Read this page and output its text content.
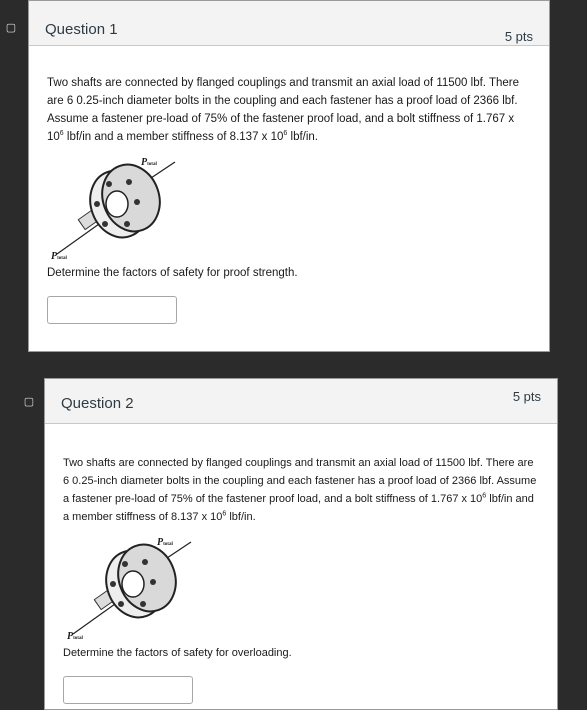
▢
▢
Question 1	5 pts

Two shafts are connected by flanged couplings and transmit an axial load of 11500 lbf. There are 6 0.25-inch diameter bolts in the coupling and each fastener has a proof load of 2366 lbf. Assume a fastener pre-load of 75% of the fastener proof load, and a bolt stiffness of 1.767 x $10^6$ lbf/in and a member stiffness of 8.137 x $10^6$ lbf/in.

Ptotal
Ptotal
Determine the factors of safety for proof strength.
Question 2	5 pts

Two shafts are connected by flanged couplings and transmit an axial load of 11500 lbf. There are 6 0.25-inch diameter bolts in the coupling and each fastener has a proof load of 2366 lbf. Assume a fastener pre-load of 75% of the fastener proof load, and a bolt stiffness of 1.767 x $10^6$ lbf/in and a member stiffness of 8.137 x $10^6$ lbf/in.

Ptotal
Ptotal
Determine the factors of safety for overloading.
